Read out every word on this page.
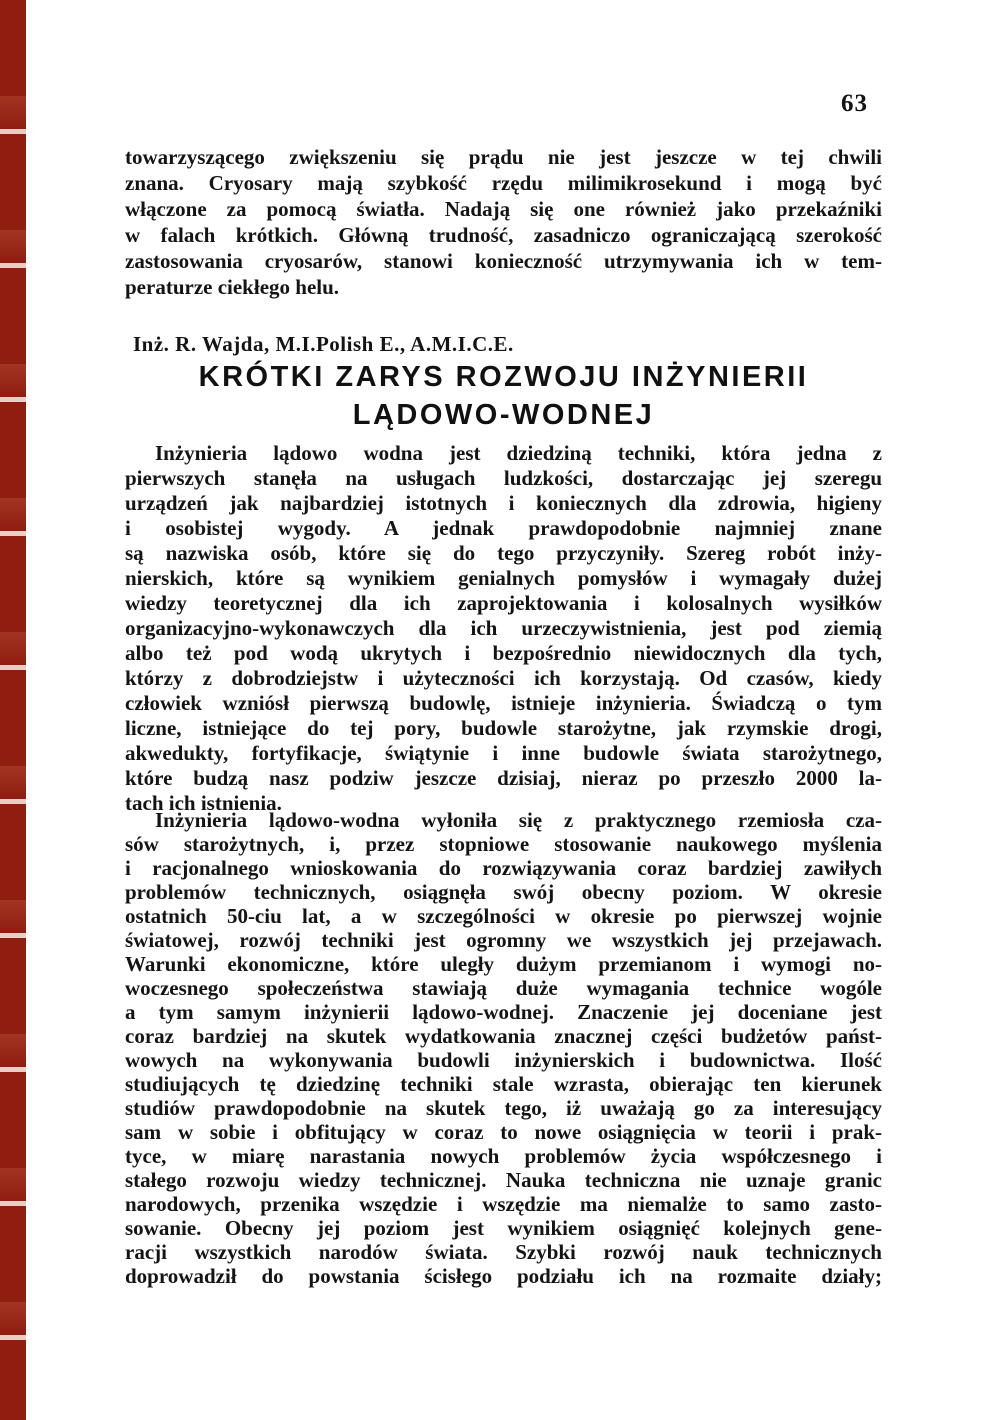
63
towarzyszącego zwiększeniu się prądu nie jest jeszcze w tej chwili
znana. Cryosary mają szybkość rzędu milimikrosekund i mogą być
włączone za pomocą światła. Nadają się one również jako przekaźniki
w falach krótkich. Główną trudność, zasadniczo ograniczającą szerokość
zastosowania cryosarów, stanowi konieczność utrzymywania ich w tem-
peraturze ciekłego helu.
Inż. R. Wajda, M.I.Polish E., A.M.I.C.E.
KRÓTKI ZARYS ROZWOJU INŻYNIERII
LĄDOWO-WODNEJ
Inżynieria lądowo wodna jest dziedziną techniki, która jedna z
pierwszych stanęła na usługach ludzkości, dostarczając jej szeregu
urządzeń jak najbardziej istotnych i koniecznych dla zdrowia, higieny
i osobistej wygody. A jednak prawdopodobnie najmniej znane
są nazwiska osób, które się do tego przyczyniły. Szereg robót inży-
nierskich, które są wynikiem genialnych pomysłów i wymagały dużej
wiedzy teoretycznej dla ich zaprojektowania i kolosalnych wysiłków
organizacyjno-wykonawczych dla ich urzeczywistnienia, jest pod ziemią
albo też pod wodą ukrytych i bezpośrednio niewidocznych dla tych,
którzy z dobrodziejstw i użyteczności ich korzystają. Od czasów, kiedy
człowiek wzniósł pierwszą budowlę, istnieje inżynieria. Świadczą o tym
liczne, istniejące do tej pory, budowle starożytne, jak rzymskie drogi,
akwedukty, fortyfikacje, świątynie i inne budowle świata starożytnego,
które budzą nasz podziw jeszcze dzisiaj, nieraz po przeszło 2000 la-
tach ich istnienia.
Inżynieria lądowo-wodna wyłoniła się z praktycznego rzemiosła cza-
sów starożytnych, i, przez stopniowe stosowanie naukowego myślenia
i racjonalnego wnioskowania do rozwiązywania coraz bardziej zawiłych
problemów technicznych, osiągnęła swój obecny poziom. W okresie
ostatnich 50-ciu lat, a w szczególności w okresie po pierwszej wojnie
światowej, rozwój techniki jest ogromny we wszystkich jej przejawach.
Warunki ekonomiczne, które uległy dużym przemianom i wymogi no-
woczesnego społeczeństwa stawiają duże wymagania technice wogóle
a tym samym inżynierii lądowo-wodnej. Znaczenie jej doceniane jest
coraz bardziej na skutek wydatkowania znacznej części budżetów państ-
wowych na wykonywania budowli inżynierskich i budownictwa. Ilość
studiujących tę dziedzinę techniki stale wzrasta, obierając ten kierunek
studiów prawdopodobnie na skutek tego, iż uważają go za interesujący
sam w sobie i obfitujący w coraz to nowe osiągnięcia w teorii i prak-
tyce, w miarę narastania nowych problemów życia współczesnego i
stałego rozwoju wiedzy technicznej. Nauka techniczna nie uznaje granic
narodowych, przenika wszędzie i wszędzie ma niemalże to samo zasto-
sowanie. Obecny jej poziom jest wynikiem osiągnięć kolejnych gene-
racji wszystkich narodów świata. Szybki rozwój nauk technicznych
doprowadził do powstania ścisłego podziału ich na rozmaite działy;
